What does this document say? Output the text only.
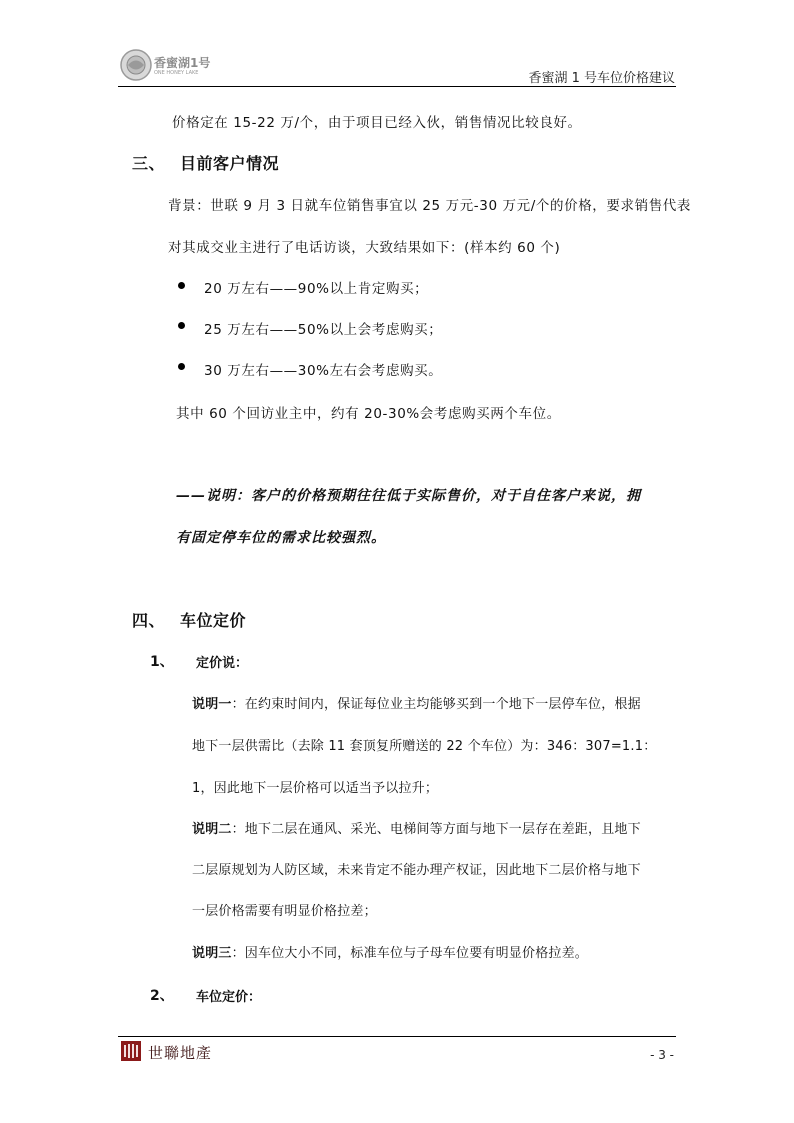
香蜜湖1号
ONE HONEY LAKE	香蜜湖 1 号车位价格建议
价格定在 15-22 万/个，由于项目已经入伙，销售情况比较良好。
三、 目前客户情况
背景：世联 9 月 3 日就车位销售事宜以 25 万元-30 万元/个的价格，要求销售代表
对其成交业主进行了电话访谈，大致结果如下：(样本约 60 个)
20 万左右——90%以上肯定购买；
25 万左右——50%以上会考虑购买；
30 万左右——30%左右会考虑购买。
其中 60 个回访业主中，约有 20-30%会考虑购买两个车位。
——说明：客户的价格预期往往低于实际售价，对于自住客户来说，拥
有固定停车位的需求比较强烈。
四、 车位定价
1、 定价说：
说明一：在约束时间内，保证每位业主均能够买到一个地下一层停车位，根据
地下一层供需比（去除 11 套顶复所赠送的 22 个车位）为：346：307=1.1：
1，因此地下一层价格可以适当予以拉升；
说明二：地下二层在通风、采光、电梯间等方面与地下一层存在差距，且地下
二层原规划为人防区域，未来肯定不能办理产权证，因此地下二层价格与地下
一层价格需要有明显价格拉差；
说明三：因车位大小不同，标准车位与子母车位要有明显价格拉差。
2、 车位定价：
世聯地產	- 3 -
